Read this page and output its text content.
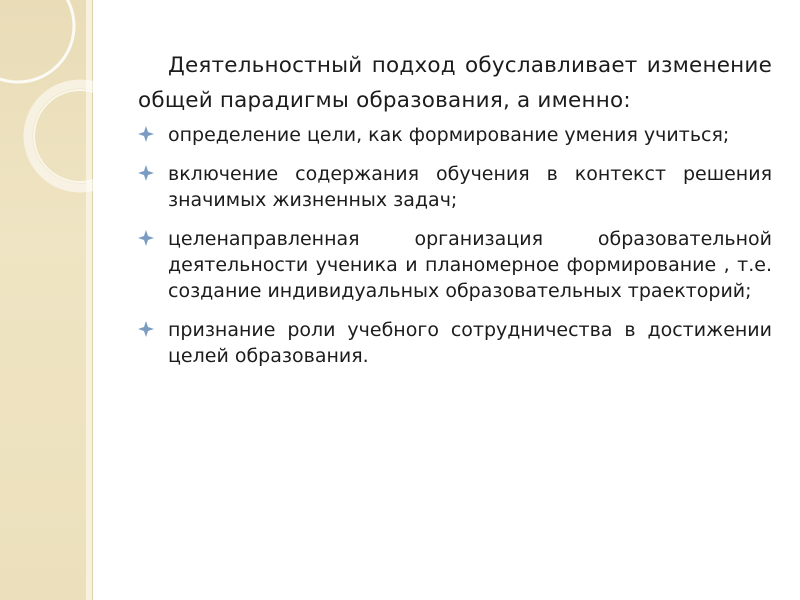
Деятельностный подход обуславливает изменение общей парадигмы образования, а именно:

определение цели, как формирование умения учиться;
включение содержания обучения в контекст решения значимых жизненных задач;
целенаправленная организация образовательной деятельности ученика и планомерное формирование , т.е. создание индивидуальных образовательных траекторий;
признание роли учебного сотрудничества в достижении целей образования.
